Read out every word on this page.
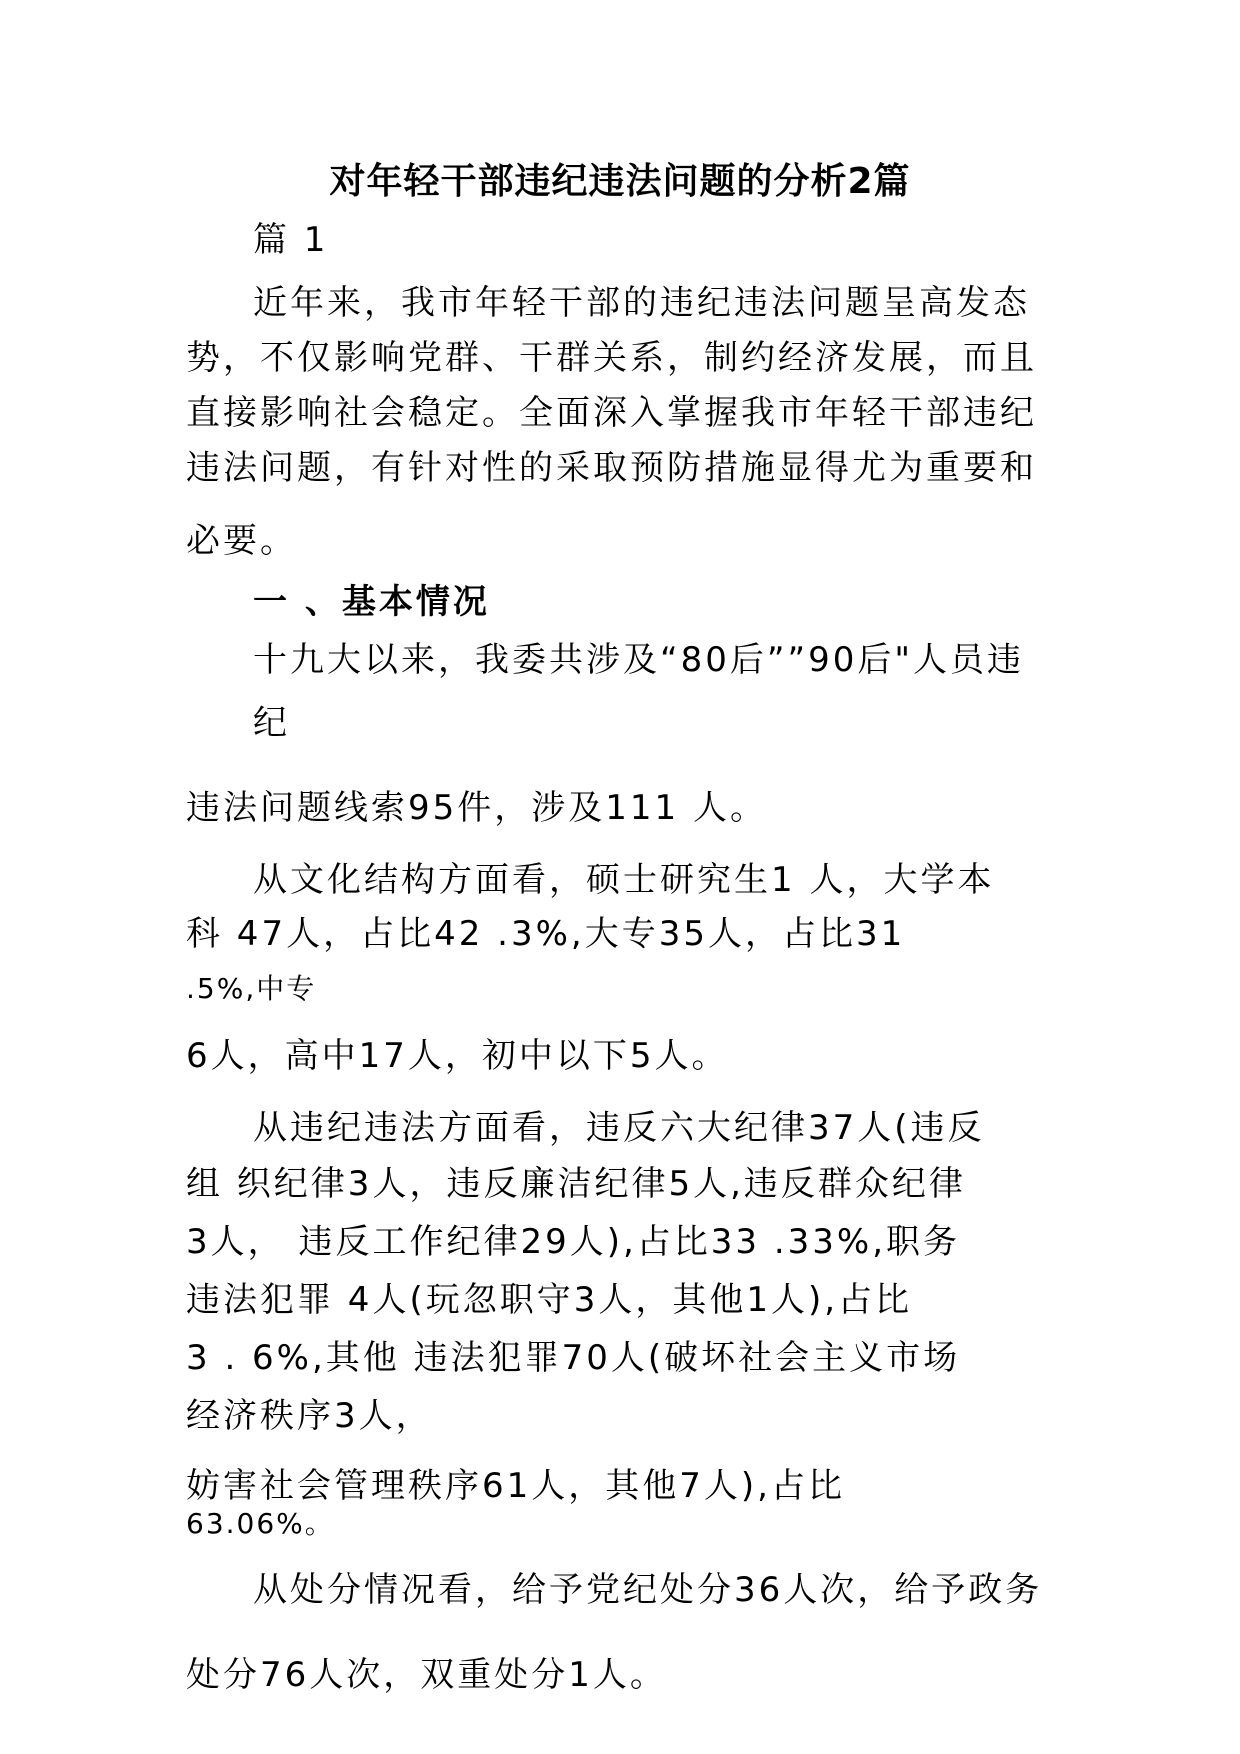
对年轻干部违纪违法问题的分析2篇
篇 1
近年来，我市年轻干部的违纪违法问题呈高发态
势，不仅影响党群、干群关系，制约经济发展，而且
直接影响社会稳定。全面深入掌握我市年轻干部违纪
违法问题，有针对性的采取预防措施显得尤为重要和
必要。
一 、基本情况
十九大以来，我委共涉及“80后””90后"人员违
纪
违法问题线索95件，涉及111 人。
从文化结构方面看，硕士研究生1 人，大学本
科 47人，占比42 .3%,大专35人，占比31
.5%,中专
6人，高中17人，初中以下5人。
从违纪违法方面看，违反六大纪律37人(违反
组 织纪律3人，违反廉洁纪律5人,违反群众纪律
3人， 违反工作纪律29人),占比33 .33%,职务
违法犯罪 4人(玩忽职守3人，其他1人),占比
3 . 6%,其他 违法犯罪70人(破坏社会主义市场
经济秩序3人，
妨害社会管理秩序61人，其他7人),占比
63.06%。
从处分情况看，给予党纪处分36人次，给予政务
处分76人次，双重处分1人。
